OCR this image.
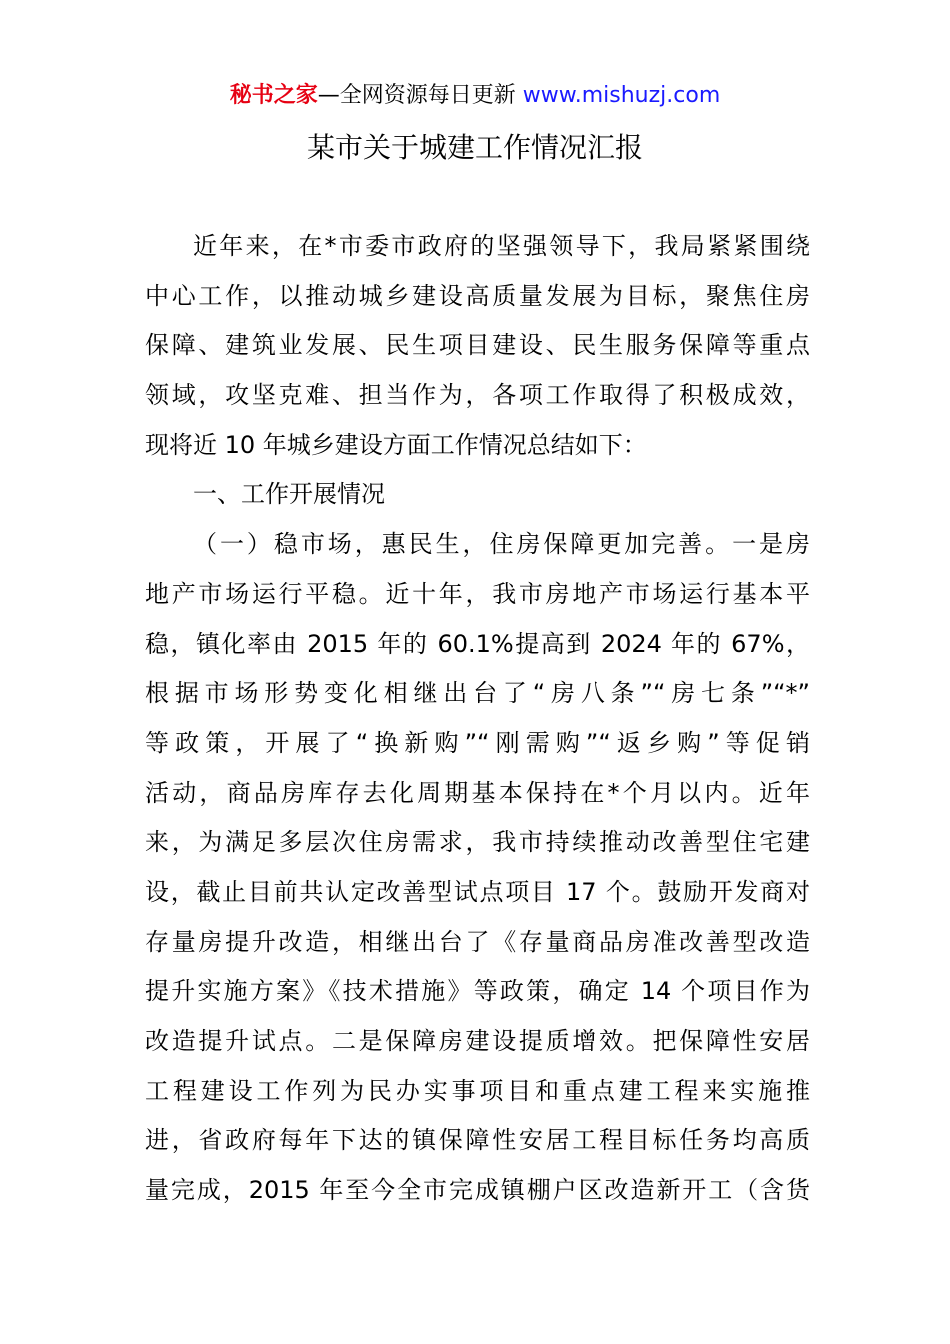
秘书之家—全网资源每日更新 www.mishuzj.com
某市关于城建工作情况汇报
近年来，在*市委市政府的坚强领导下，我局紧紧围绕
中心工作，以推动城乡建设高质量发展为目标，聚焦住房
保障、建筑业发展、民生项目建设、民生服务保障等重点
领域，攻坚克难、担当作为，各项工作取得了积极成效，
现将近 10 年城乡建设方面工作情况总结如下：
一、工作开展情况
（一）稳市场，惠民生，住房保障更加完善。一是房
地产市场运行平稳。近十年，我市房地产市场运行基本平
稳，镇化率由 2015 年的 60.1%提高到 2024 年的 67%，
根据市场形势变化相继出台了“房八条”“房七条”“*”
等政策，开展了“换新购”“刚需购”“返乡购”等促销
活动，商品房库存去化周期基本保持在*个月以内。近年
来，为满足多层次住房需求，我市持续推动改善型住宅建
设，截止目前共认定改善型试点项目 17 个。鼓励开发商对
存量房提升改造，相继出台了《存量商品房准改善型改造
提升实施方案》《技术措施》等政策，确定 14 个项目作为
改造提升试点。二是保障房建设提质增效。把保障性安居
工程建设工作列为民办实事项目和重点建工程来实施推
进，省政府每年下达的镇保障性安居工程目标任务均高质
量完成，2015 年至今全市完成镇棚户区改造新开工（含货
